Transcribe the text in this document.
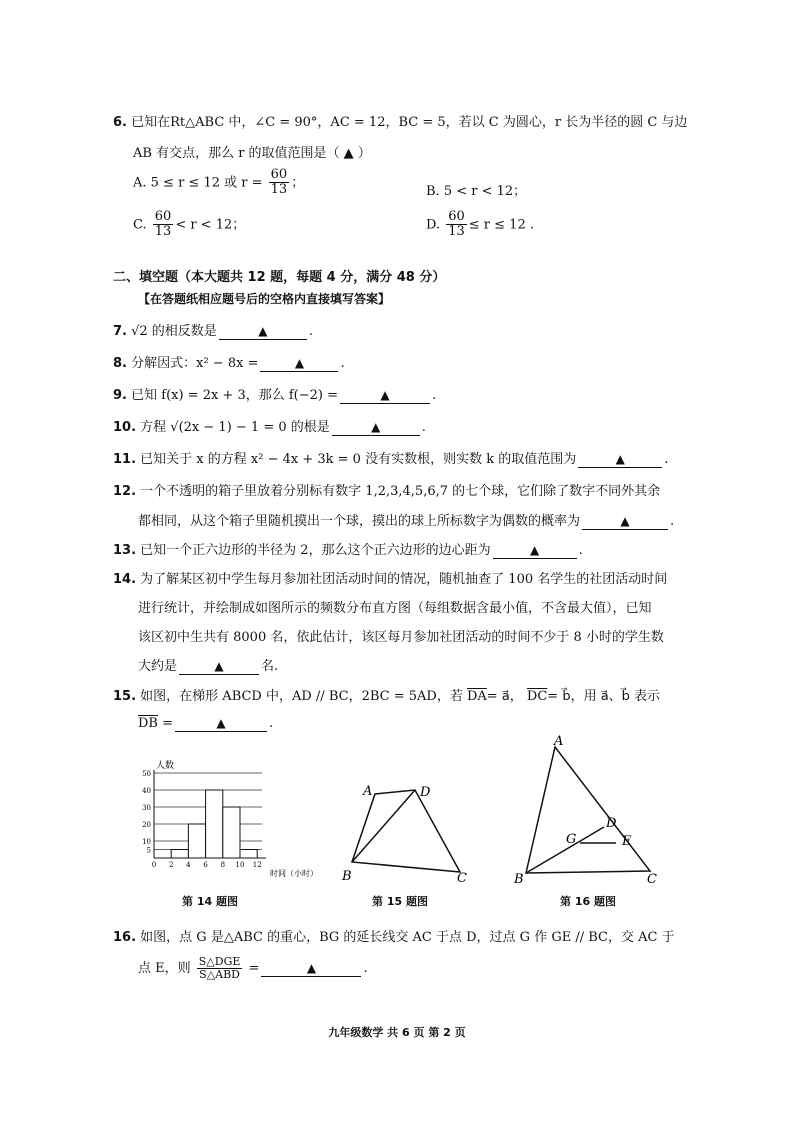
6. 已知在Rt△ABC 中，∠C = 90°，AC = 12，BC = 5，若以 C 为圆心，r 长为半径的圆 C 与边
AB 有交点，那么 r 的取值范围是（ ▲ ）
A. 5 ≤ r ≤ 12 或 $r = \frac{60}{13}$ ；
B. 5 < r < 12；
C. $\frac{60}{13} < r < 12$；	D. $\frac{60}{13} \le r \le 12$ .
二、填空题（本大题共 12 题，每题 4 分，满分 48 分）
【在答题纸相应题号后的空格内直接填写答案】
7. √2 的相反数是	▲	.
8. 分解因式：x² − 8x =	▲	.
9. 已知 f(x) = 2x + 3，那么 f(−2) =	▲	.
10. 方程 √(2x − 1) − 1 = 0 的根是	▲	.
11. 已知关于 x 的方程 x² − 4x + 3k = 0 没有实数根，则实数 k 的取值范围为	▲	.
12. 一个不透明的箱子里放着分别标有数字 1,2,3,4,5,6,7 的七个球，它们除了数字不同外其余
都相同，从这个箱子里随机摸出一个球，摸出的球上所标数字为偶数的概率为	▲	.
13. 已知一个正六边形的半径为 2，那么这个正六边形的边心距为	▲	.
14. 为了解某区初中学生每月参加社团活动时间的情况，随机抽查了 100 名学生的社团活动时间
进行统计，并绘制成如图所示的频数分布直方图（每组数据含最小值，不含最大值），已知
该区初中生共有 8000 名，依此估计，该区每月参加社团活动的时间不少于 8 小时的学生数
大约是	▲	名.
15. 如图，在梯形 ABCD 中，AD // BC，2BC = 5AD，若 $\overline{DA}=$ a⃗， $\overline{DC}=$ b⃗，用 a⃗、b⃗ 表示
$\overline{DB}$ =	▲	.
5
10
20
30
40
50
0 2 4 6 8 10 12
人数
时间（小时）
第 14 题图
A	D
B	C
第 15 题图
A
D
G	E
B	C
第 16 题图
16. 如图，点 G 是△ABC 的重心，BG 的延长线交 AC 于点 D，过点 G 作 GE // BC，交 AC 于
点 E，则 $\frac{\text{S△DGE}}{\text{S△ABD}}$ =	▲	.
九年级数学 共 6 页 第 2 页
